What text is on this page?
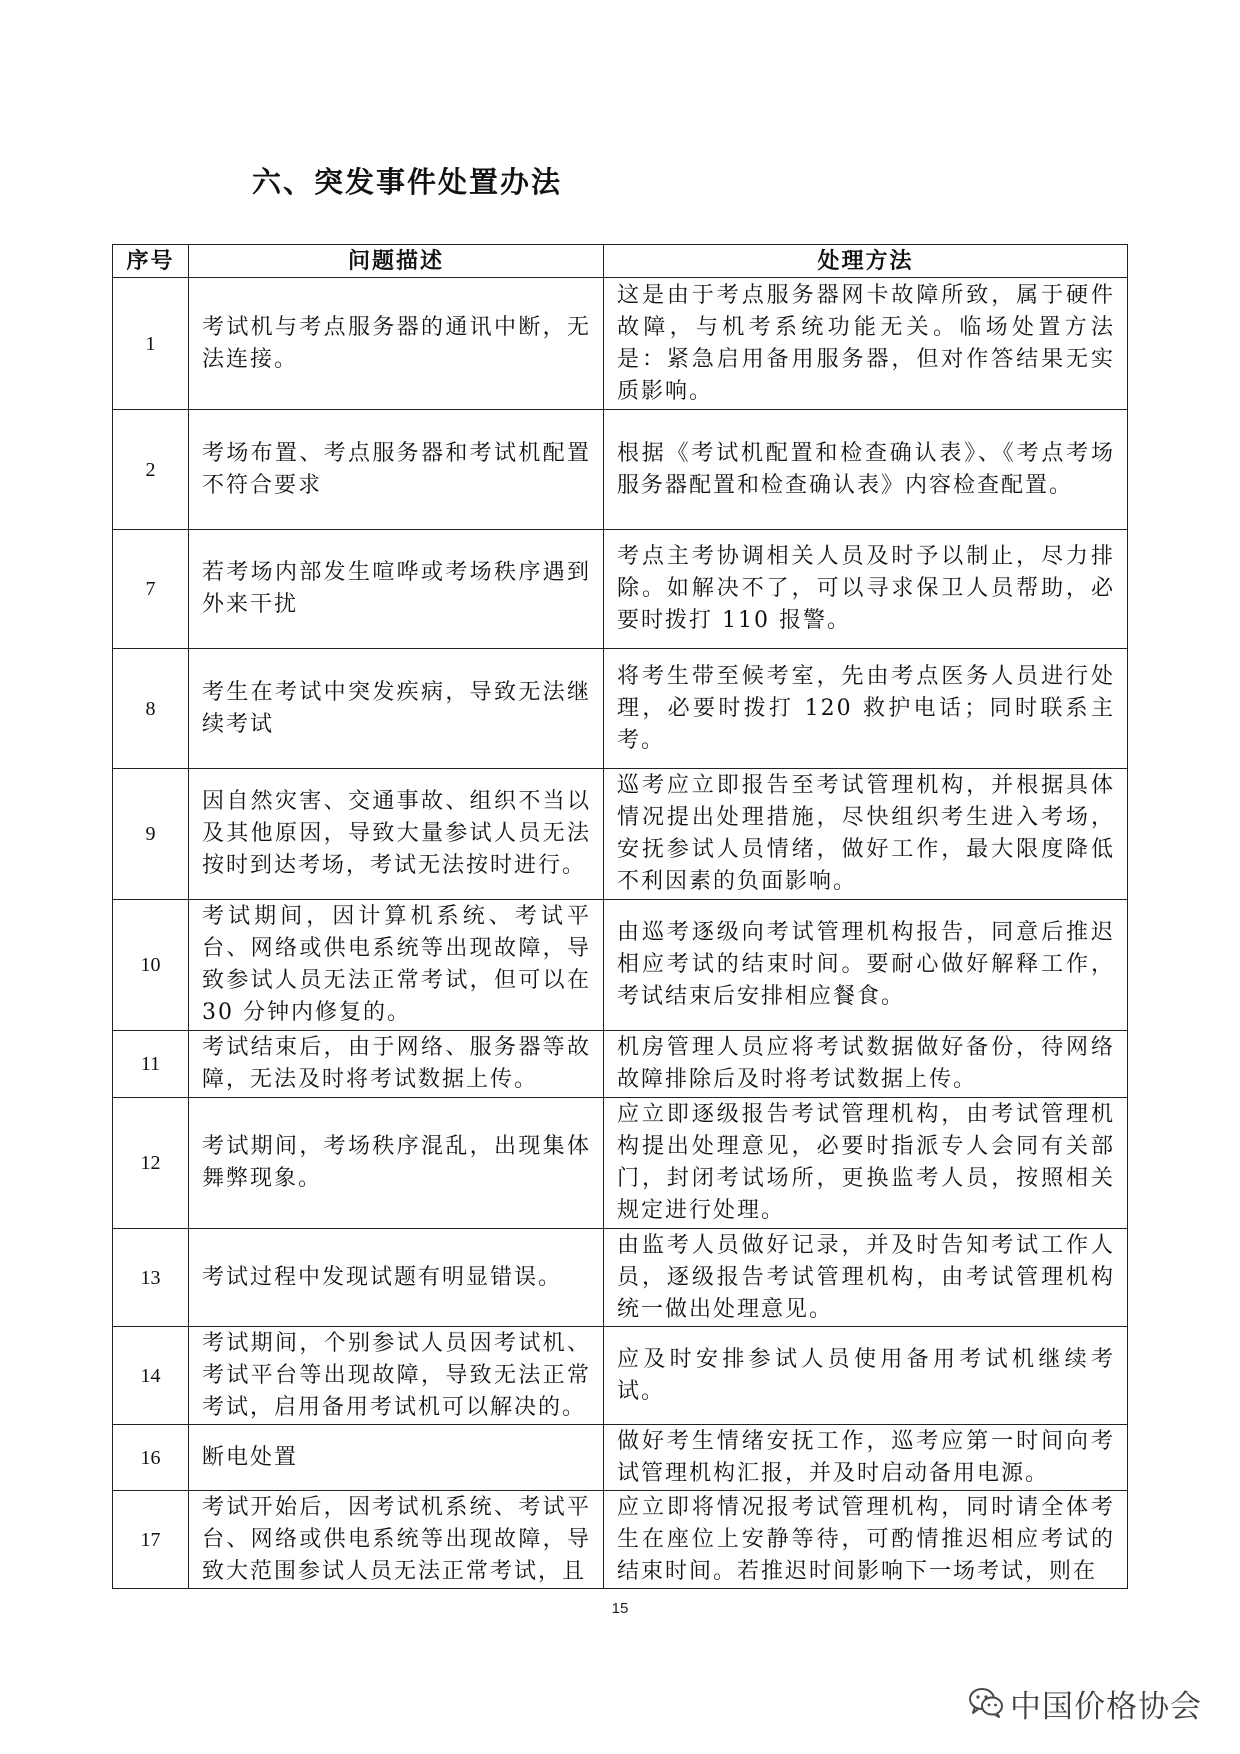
六、突发事件处置办法
序号	问题描述	处理方法
1	考试机与考点服务器的通讯中断，无法连接。	这是由于考点服务器网卡故障所致，属于硬件故障，与机考系统功能无关。临场处置方法是：紧急启用备用服务器，但对作答结果无实质影响。
2	考场布置、考点服务器和考试机配置不符合要求	根据《考试机配置和检查确认表》、《考点考场服务器配置和检查确认表》内容检查配置。
7	若考场内部发生喧哗或考场秩序遇到外来干扰	考点主考协调相关人员及时予以制止，尽力排除。如解决不了，可以寻求保卫人员帮助，必要时拨打 110 报警。
8	考生在考试中突发疾病，导致无法继续考试	将考生带至候考室，先由考点医务人员进行处理，必要时拨打 120 救护电话；同时联系主考。
9	因自然灾害、交通事故、组织不当以及其他原因，导致大量参试人员无法按时到达考场，考试无法按时进行。	巡考应立即报告至考试管理机构，并根据具体情况提出处理措施，尽快组织考生进入考场，安抚参试人员情绪，做好工作，最大限度降低不利因素的负面影响。
10	考试期间，因计算机系统、考试平台、网络或供电系统等出现故障，导致参试人员无法正常考试，但可以在 30 分钟内修复的。	由巡考逐级向考试管理机构报告，同意后推迟相应考试的结束时间。要耐心做好解释工作，考试结束后安排相应餐食。
11	考试结束后，由于网络、服务器等故障，无法及时将考试数据上传。	机房管理人员应将考试数据做好备份，待网络故障排除后及时将考试数据上传。
12	考试期间，考场秩序混乱，出现集体舞弊现象。	应立即逐级报告考试管理机构，由考试管理机构提出处理意见，必要时指派专人会同有关部门，封闭考试场所，更换监考人员，按照相关规定进行处理。
13	考试过程中发现试题有明显错误。	由监考人员做好记录，并及时告知考试工作人员，逐级报告考试管理机构，由考试管理机构统一做出处理意见。
14	考试期间，个别参试人员因考试机、考试平台等出现故障，导致无法正常考试，启用备用考试机可以解决的。	应及时安排参试人员使用备用考试机继续考试。
16	断电处置	做好考生情绪安抚工作，巡考应第一时间向考试管理机构汇报，并及时启动备用电源。
17	考试开始后，因考试机系统、考试平台、网络或供电系统等出现故障，导致大范围参试人员无法正常考试，且	应立即将情况报考试管理机构，同时请全体考生在座位上安静等待，可酌情推迟相应考试的结束时间。若推迟时间影响下一场考试，则在
15
中国价格协会
